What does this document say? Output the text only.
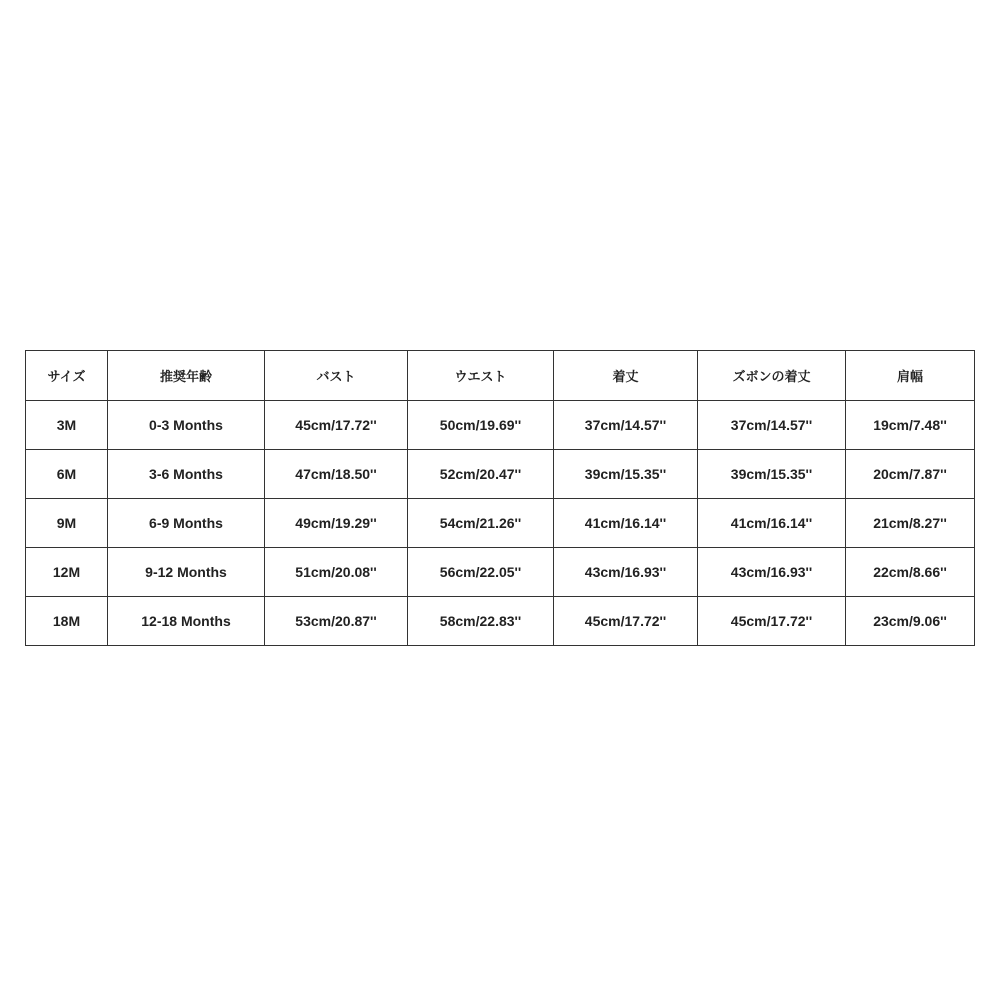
サイズ	推奨年齢	バスト	ウエスト	着丈	ズボンの着丈	肩幅
3M	0-3 Months	45cm/17.72''	50cm/19.69''	37cm/14.57''	37cm/14.57''	19cm/7.48''
6M	3-6 Months	47cm/18.50''	52cm/20.47''	39cm/15.35''	39cm/15.35''	20cm/7.87''
9M	6-9 Months	49cm/19.29''	54cm/21.26''	41cm/16.14''	41cm/16.14''	21cm/8.27''
12M	9-12 Months	51cm/20.08''	56cm/22.05''	43cm/16.93''	43cm/16.93''	22cm/8.66''
18M	12-18 Months	53cm/20.87''	58cm/22.83''	45cm/17.72''	45cm/17.72''	23cm/9.06''
